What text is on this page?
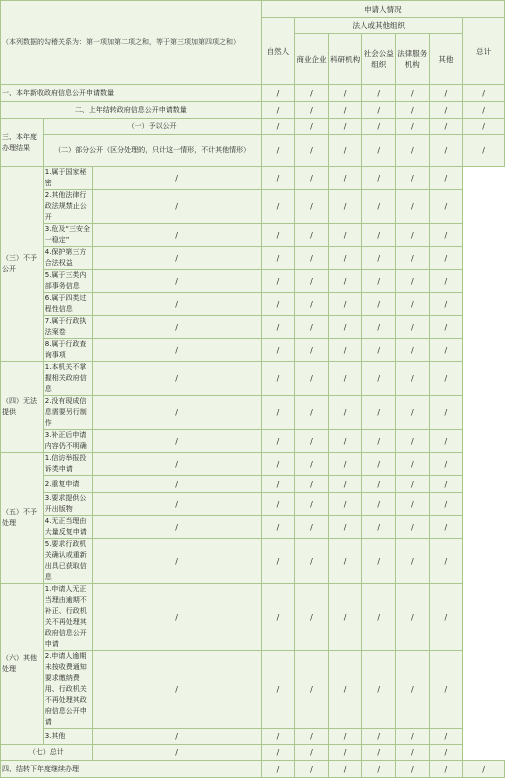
（本列数据的勾稽关系为：第一项加第二项之和，等于第三项加第四项之和）			申请人情况						
			自然人	法人或其他组织					总计
				商业企业	科研机构	社会公益组织	法律服务机构	其他	
一、本年新收政府信息公开申请数量			/	/	/	/	/	/	/
二、上年结转政府信息公开申请数量			/	/	/	/	/	/	/
三、本年度办理结果	（一）予以公开		/	/	/	/	/	/	/
	（二）部分公开（区分处理的，只计这一情形，不计其他情形）		/	/	/	/	/	/	/
（三）不予公开	1.属于国家秘密	/	/	/	/	/	/	/	
	2.其他法律行政法规禁止公开	/	/	/	/	/	/	/	
	3.危及“三安全一稳定”	/	/	/	/	/	/	/	
	4.保护第三方合法权益	/	/	/	/	/	/	/	
	5.属于三类内部事务信息	/	/	/	/	/	/	/	
	6.属于四类过程性信息	/	/	/	/	/	/	/	
	7.属于行政执法案卷	/	/	/	/	/	/	/	
	8.属于行政查询事项	/	/	/	/	/	/	/	
（四）无法提供	1.本机关不掌握相关政府信息	/	/	/	/	/	/	/	
	2.没有现成信息需要另行制作	/	/	/	/	/	/	/	
	3.补正后申请内容仍不明确	/	/	/	/	/	/	/	
（五）不予处理	1.信访举报投诉类申请	/	/	/	/	/	/	/	
	2.重复申请	/	/	/	/	/	/	/	
	3.要求提供公开出版物	/	/	/	/	/	/	/	
	4.无正当理由大量反复申请	/	/	/	/	/	/	/	
	5.要求行政机关确认或重新出具已获取信息	/	/	/	/	/	/	/	
（六）其他处理	1.申请人无正当理由逾期不补正、行政机关不再处理其政府信息公开申请	/	/	/	/	/	/	/	
	2.申请人逾期未按收费通知要求缴纳费用、行政机关不再处理其政府信息公开申请	/	/	/	/	/	/	/	
	3.其他	/	/	/	/	/	/	/	
（七）总计		/	/	/	/	/	/	/	
四、结转下年度继续办理			/	/	/	/	/	/	/
